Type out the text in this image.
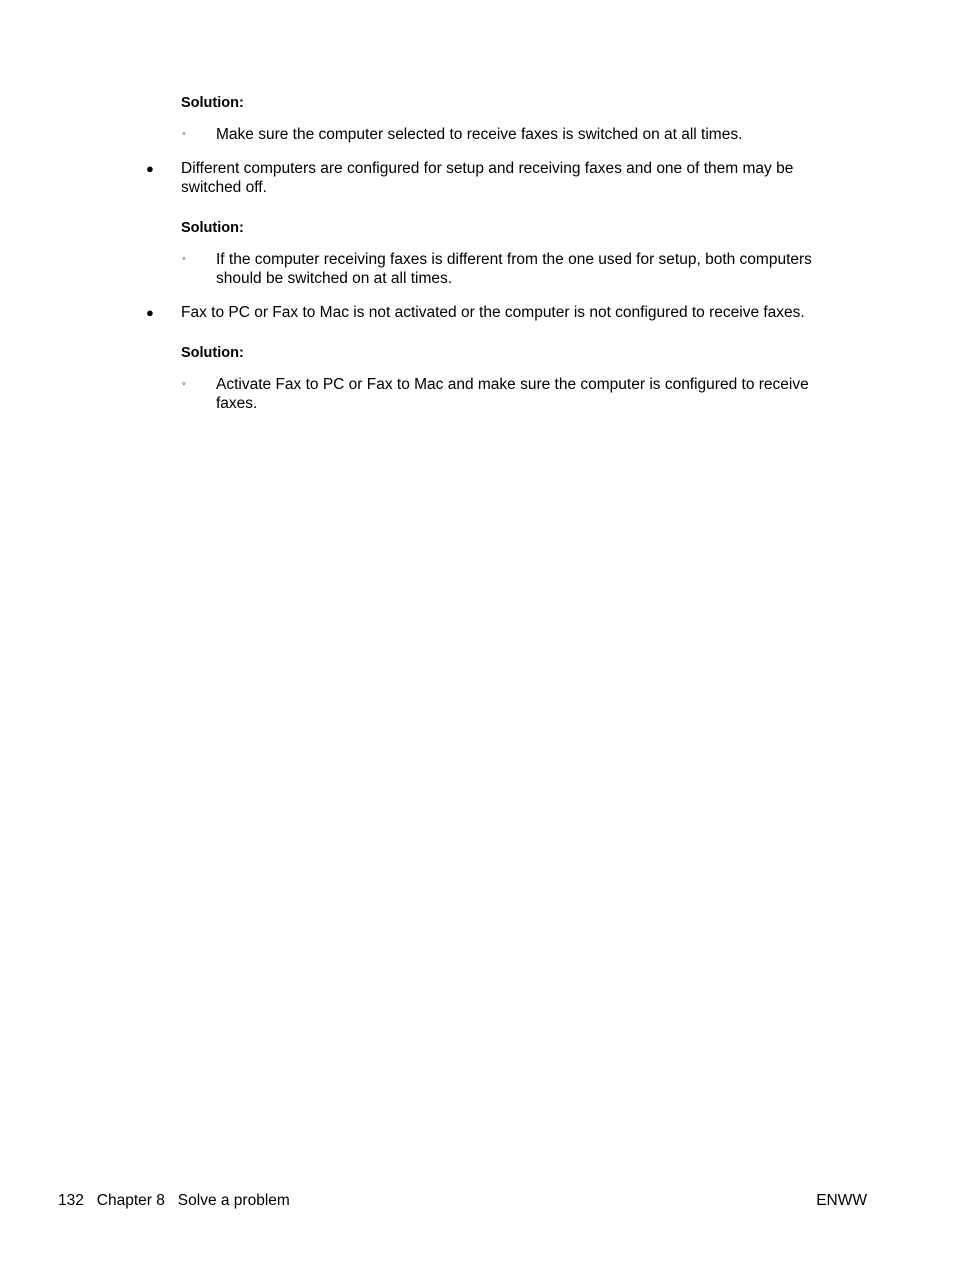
Solution:
◦ Make sure the computer selected to receive faxes is switched on at all times.
● Different computers are configured for setup and receiving faxes and one of them may be
switched off.
Solution:
◦ If the computer receiving faxes is different from the one used for setup, both computers
should be switched on at all times.
● Fax to PC or Fax to Mac is not activated or the computer is not configured to receive faxes.
Solution:
◦ Activate Fax to PC or Fax to Mac and make sure the computer is configured to receive
faxes.
132 Chapter 8 Solve a problem	ENWW
